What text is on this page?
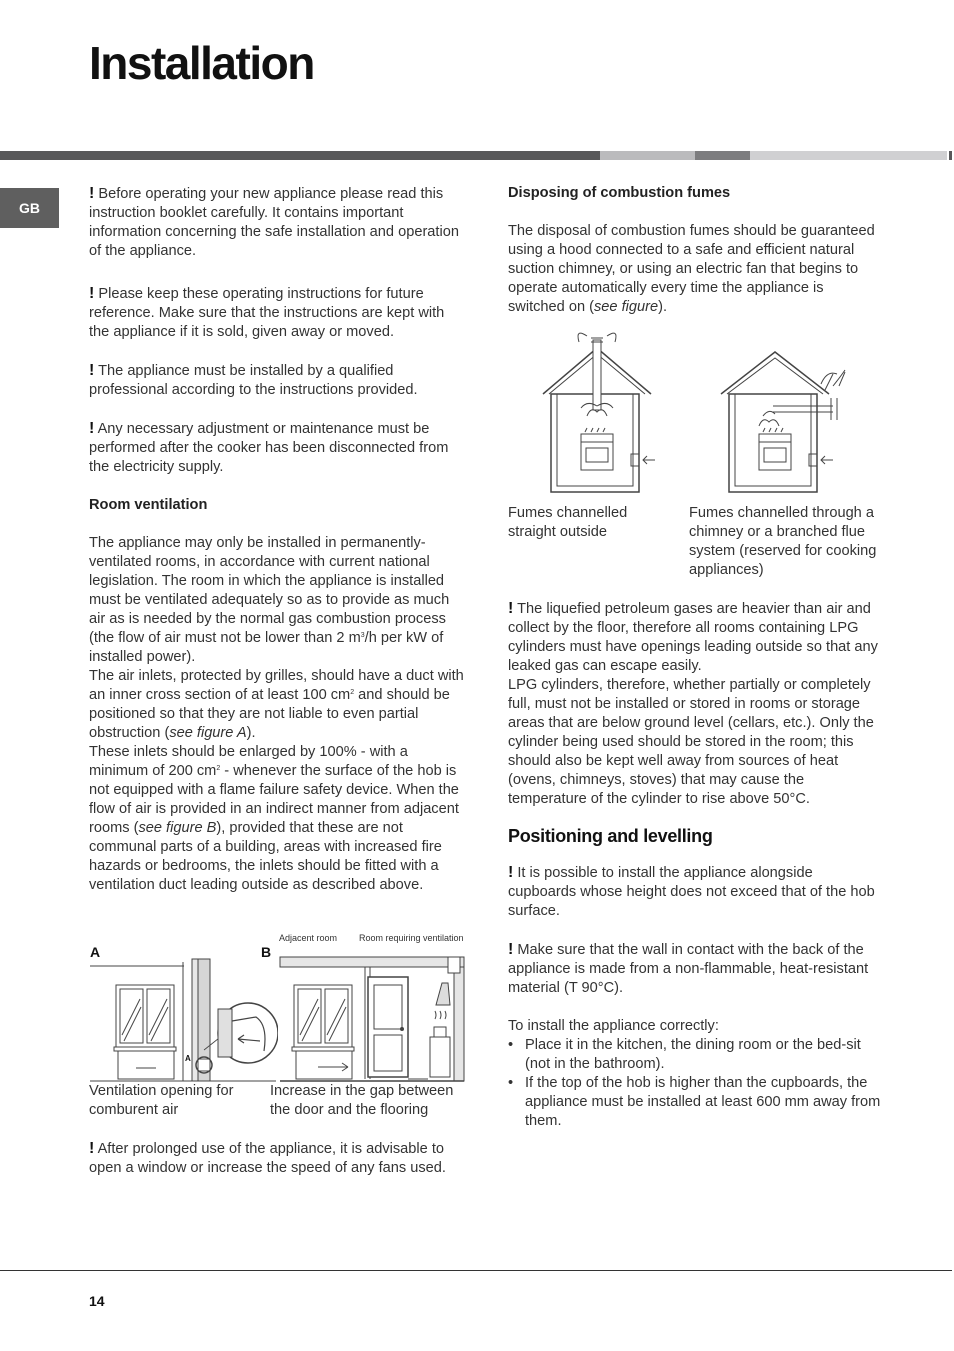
Installation
GB

! Before operating your new appliance please read this instruction booklet carefully. It contains important information concerning the safe installation and operation of the appliance.

! Please keep these operating instructions for future reference. Make sure that the instructions are kept with the appliance if it is sold, given away or moved.

! The appliance must be installed by a qualified professional according to the instructions provided.

! Any necessary adjustment or maintenance must be performed after the cooker has been disconnected from the electricity supply.

Room ventilation

The appliance may only be installed in permanently-ventilated rooms, in accordance with current national legislation. The room in which the appliance is installed must be ventilated adequately so as to provide as much air as is needed by the normal gas combustion process (the flow of air must not be lower than 2 $m^3/h$ per kW of installed power).

The air inlets, protected by grilles, should have a duct with an inner cross section of at least 100 $cm^2$ and should be positioned so that they are not liable to even partial obstruction (see figure A).

These inlets should be enlarged by 100% - with a minimum of 200 $cm^2$ - whenever the surface of the hob is not equipped with a flame failure safety device. When the flow of air is provided in an indirect manner from adjacent rooms (see figure B), provided that these are not communal parts of a building, areas with increased fire hazards or bedrooms, the inlets should be fitted with a ventilation duct leading outside as described above.

Adjacent room Room requiring ventilation
A	B
A
Ventilation opening for comburent air
Increase in the gap between the door and the flooring

! After prolonged use of the appliance, it is advisable to open a window or increase the speed of any fans used.

Disposing of combustion fumes

The disposal of combustion fumes should be guaranteed using a hood connected to a safe and efficient natural suction chimney, or using an electric fan that begins to operate automatically every time the appliance is switched on (see figure).

Fumes channelled straight outside
Fumes channelled through a chimney or a branched flue system (reserved for cooking appliances)

! The liquefied petroleum gases are heavier than air and collect by the floor, therefore all rooms containing LPG cylinders must have openings leading outside so that any leaked gas can escape easily.

LPG cylinders, therefore, whether partially or completely full, must not be installed or stored in rooms or storage areas that are below ground level (cellars, etc.). Only the cylinder being used should be stored in the room; this should also be kept well away from sources of heat (ovens, chimneys, stoves) that may cause the temperature of the cylinder to rise above 50°C.

Positioning and levelling

! It is possible to install the appliance alongside cupboards whose height does not exceed that of the hob surface.

! Make sure that the wall in contact with the back of the appliance is made from a non-flammable, heat-resistant material (T 90°C).

To install the appliance correctly:

• Place it in the kitchen, the dining room or the bed-sit (not in the bathroom).
• If the top of the hob is higher than the cupboards, the appliance must be installed at least 600 mm away from them.
14
